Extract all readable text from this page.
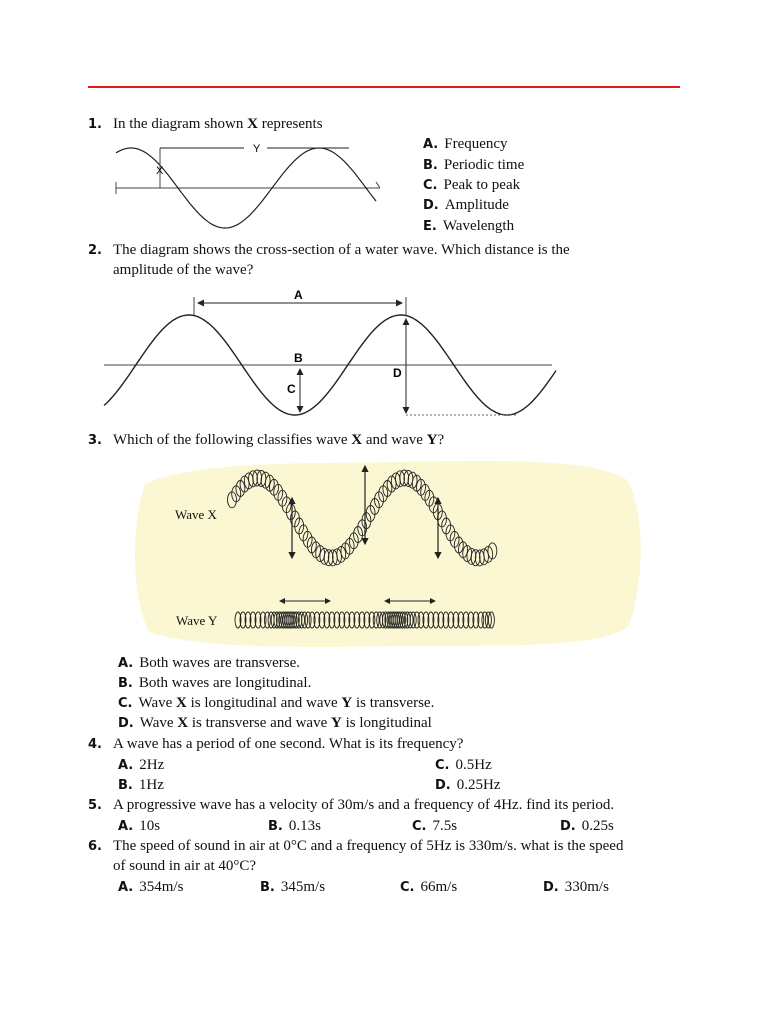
1. In the diagram shown X represents
X
Y	A. Frequency
B. Periodic time
C. Peak to peak
D. Amplitude
E. Wavelength
2. The diagram shows the cross-section of a water wave. Which distance is the
amplitude of the wave?
A
B
C
D
3. Which of the following classifies wave X and wave Y?
Wave X
Wave Y
A. Both waves are transverse.
B. Both waves are longitudinal.
C. Wave X is longitudinal and wave Y is transverse.
D. Wave X is transverse and wave Y is longitudinal
4. A wave has a period of one second. What is its frequency?
A. 2Hz	C. 0.5Hz
B. 1Hz	D. 0.25Hz
5. A progressive wave has a velocity of 30m/s and a frequency of 4Hz. find its period.
A. 10s	B. 0.13s	C. 7.5s	D. 0.25s
6. The speed of sound in air at 0°C and a frequency of 5Hz is 330m/s. what is the speed
of sound in air at 40°C?
A. 354m/s	B. 345m/s	C. 66m/s	D. 330m/s
